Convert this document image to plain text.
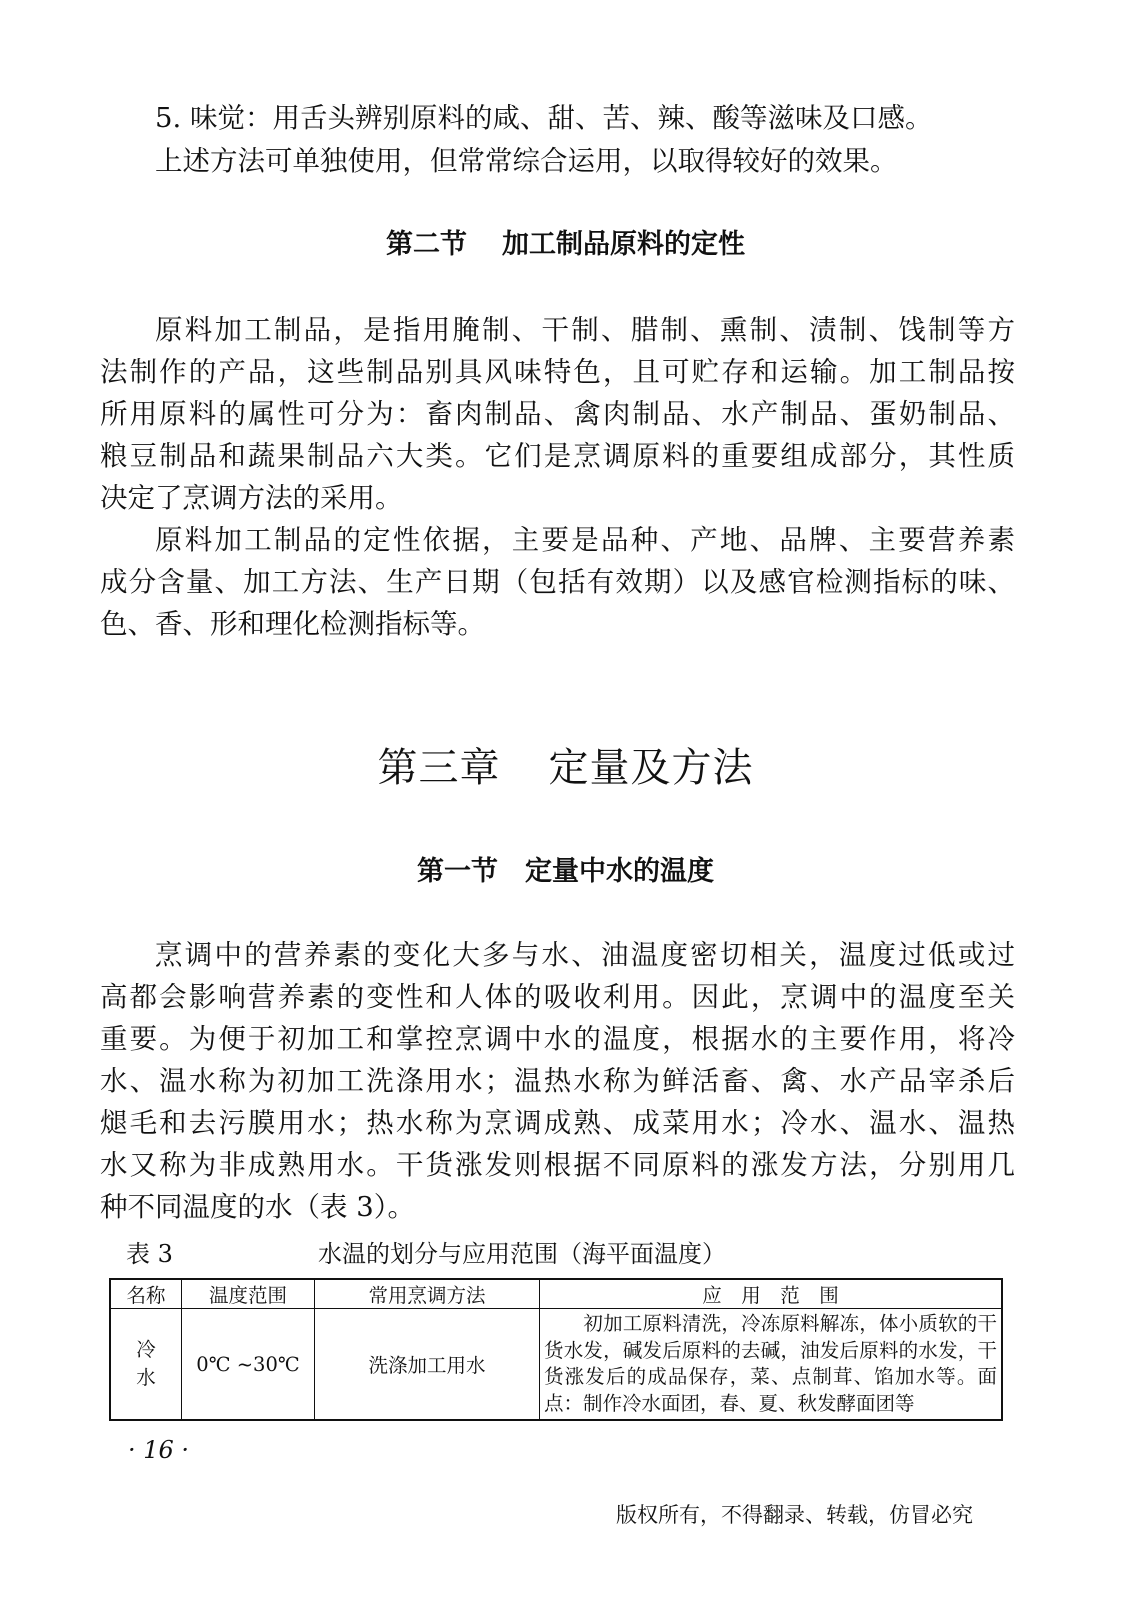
5. 味觉：用舌头辨别原料的咸、甜、苦、辣、酸等滋味及口感。
上述方法可单独使用，但常常综合运用，以取得较好的效果。
第二节 加工制品原料的定性
原料加工制品，是指用腌制、干制、腊制、熏制、渍制、饯制等方
法制作的产品，这些制品别具风味特色，且可贮存和运输。加工制品按
所用原料的属性可分为：畜肉制品、禽肉制品、水产制品、蛋奶制品、
粮豆制品和蔬果制品六大类。它们是烹调原料的重要组成部分，其性质
决定了烹调方法的采用。
原料加工制品的定性依据，主要是品种、产地、品牌、主要营养素
成分含量、加工方法、生产日期（包括有效期）以及感官检测指标的味、
色、香、形和理化检测指标等。
第三章 定量及方法
第一节 定量中水的温度
烹调中的营养素的变化大多与水、油温度密切相关，温度过低或过
高都会影响营养素的变性和人体的吸收利用。因此，烹调中的温度至关
重要。为便于初加工和掌控烹调中水的温度，根据水的主要作用，将冷
水、温水称为初加工洗涤用水；温热水称为鲜活畜、禽、水产品宰杀后
煺毛和去污膜用水；热水称为烹调成熟、成菜用水；冷水、温水、温热
水又称为非成熟用水。干货涨发则根据不同原料的涨发方法，分别用几
种不同温度的水（表 3）。
表 3	水温的划分与应用范围（海平面温度）
名称	温度范围	常用烹调方法	应　用　范　围
冷水	0℃ ~30℃	洗涤加工用水	　　初加工原料清洗，冷冻原料解冻，体小质软的干货水发，碱发后原料的去碱，油发后原料的水发，干货涨发后的成品保存，菜、点制茸、馅加水等。面点：制作冷水面团，春、夏、秋发酵面团等
· 16 ·
版权所有，不得翻录、转载，仿冒必究
